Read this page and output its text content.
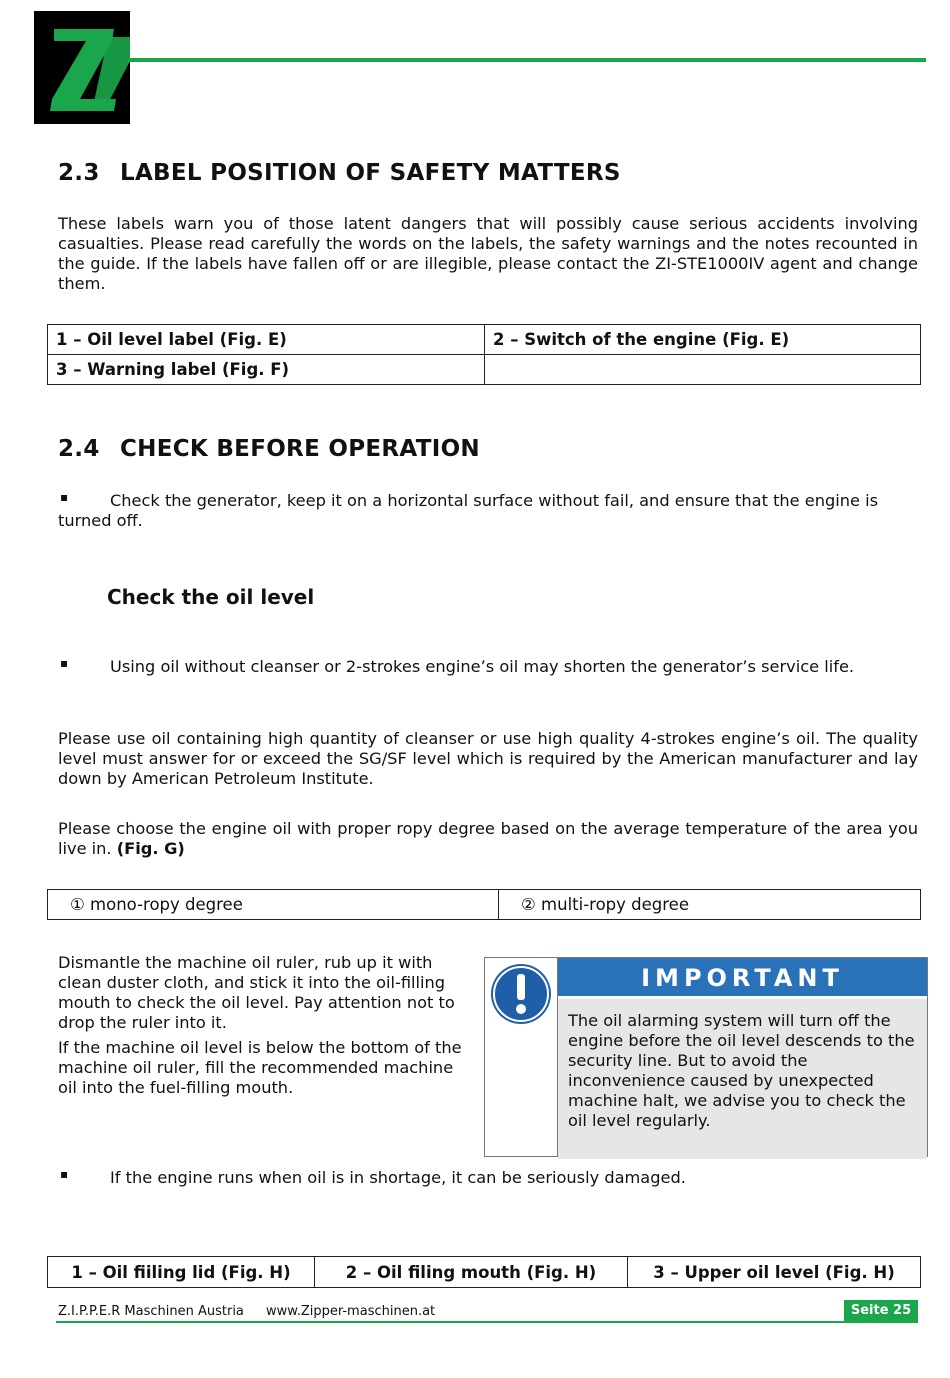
Z
2.3 LABEL POSITION OF SAFETY MATTERS

These labels warn you of those latent dangers that will possibly cause serious accidents involving casualties. Please read carefully the words on the labels, the safety warnings and the notes recounted in the guide. If the labels have fallen off or are illegible, please contact the ZI-STE1000IV agent and change them.

1 – Oil level label (Fig. E)	2 – Switch of the engine (Fig. E)
3 – Warning label (Fig. F)	
2.4 CHECK BEFORE OPERATION
▪	Check the generator, keep it on a horizontal surface without fail, and ensure that the engine is turned off.

Check the oil level
▪	Using oil without cleanser or 2-strokes engine’s oil may shorten the generator’s service life.

Please use oil containing high quantity of cleanser or use high quality 4-strokes engine’s oil. The quality level must answer for or exceed the SG/SF level which is required by the American manufacturer and lay down by American Petroleum Institute.

Please choose the engine oil with proper ropy degree based on the average temperature of the area you live in. (Fig. G)

① mono-ropy degree	② multi-ropy degree

Dismantle the machine oil ruler, rub up it with clean duster cloth, and stick it into the oil-filling mouth to check the oil level. Pay attention not to drop the ruler into it.

If the machine oil level is below the bottom of the machine oil ruler, fill the recommended machine oil into the fuel-filling mouth.

IMPORTANT

The oil alarming system will turn off the engine before the oil level descends to the security line. But to avoid the inconvenience caused by unexpected machine halt, we advise you to check the oil level regularly.

▪	If the engine runs when oil is in shortage, it can be seriously damaged.

1 – Oil fiiling lid (Fig. H)	2 – Oil filing mouth (Fig. H)	3 – Upper oil level (Fig. H)
Z.I.P.P.E.R Maschinen Austria www.Zipper-maschinen.at	Seite 25
